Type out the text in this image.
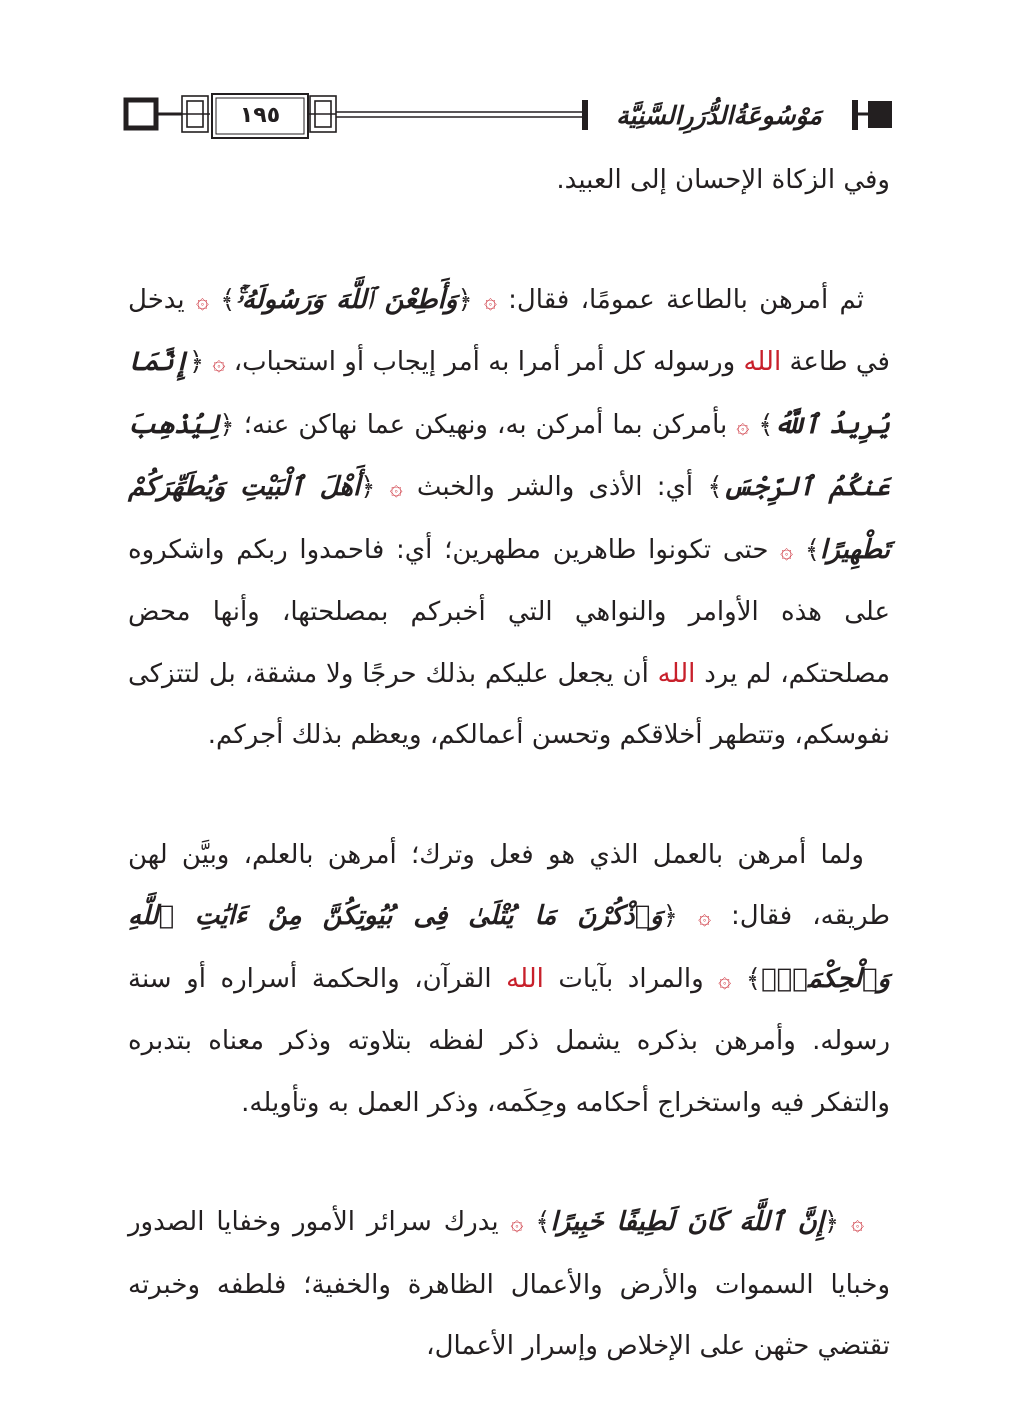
١٩٥	مَوْسُوعَةُالدُّرَرِالسَّنِيَّة

وفي الزكاة الإحسان إلى العبيد.

ثم أمرهن بالطاعة عمومًا، فقال: ۞ ﴿وَأَطِعْنَ ٱللَّهَ وَرَسُولَهُۥٓۚ﴾ ۞ يدخل في طاعة الله ورسوله كل أمر أمرا به أمر إيجاب أو استحباب، ۞ ﴿إِنَّمَا يُرِيدُ ٱللَّهُ﴾ ۞ بأمركن بما أمركن به، ونهيكن عما نهاكن عنه؛ ﴿لِيُذْهِبَ عَنكُمُ ٱلرِّجْسَ﴾ أي: الأذى والشر والخبث ۞ ﴿أَهْلَ ٱلْبَيْتِ وَيُطَهِّرَكُمْ تَطْهِيرًا﴾ ۞ حتى تكونوا طاهرين مطهرين؛ أي: فاحمدوا ربكم واشكروه على هذه الأوامر والنواهي التي أخبركم بمصلحتها، وأنها محض مصلحتكم، لم يرد الله أن يجعل عليكم بذلك حرجًا ولا مشقة، بل لتتزكى نفوسكم، وتتطهر أخلاقكم وتحسن أعمالكم، ويعظم بذلك أجركم.

ولما أمرهن بالعمل الذي هو فعل وترك؛ أمرهن بالعلم، وبيَّن لهن طريقه، فقال: ۞ ﴿وَٱذْكُرْنَ مَا يُتْلَىٰ فِى بُيُوتِكُنَّ مِنْ ءَايَٰتِ ٱللَّهِ وَٱلْحِكْمَةِۚ﴾ ۞ والمراد بآيات الله القرآن، والحكمة أسراره أو سنة رسوله. وأمرهن بذكره يشمل ذكر لفظه بتلاوته وذكر معناه بتدبره والتفكر فيه واستخراج أحكامه وحِكَمه، وذكر العمل به وتأويله.

۞ ﴿إِنَّ ٱللَّهَ كَانَ لَطِيفًا خَبِيرًا﴾ ۞ يدرك سرائر الأمور وخفايا الصدور وخبايا السموات والأرض والأعمال الظاهرة والخفية؛ فلطفه وخبرته تقتضي حثهن على الإخلاص وإسرار الأعمال،
